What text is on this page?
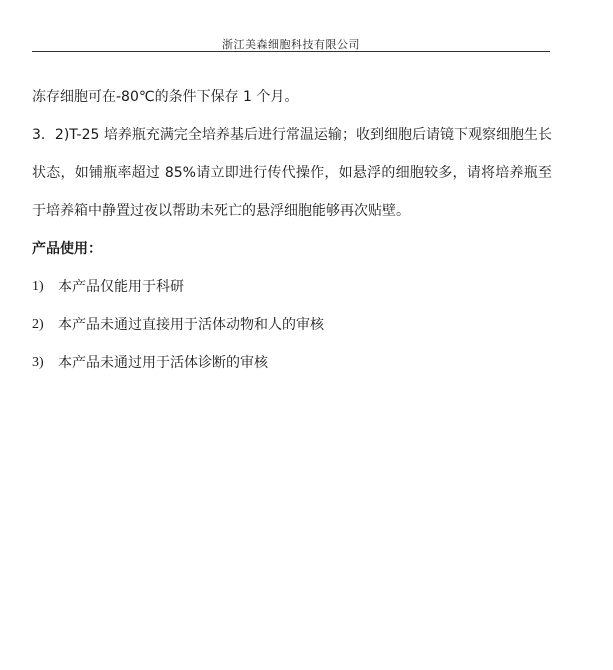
浙江美森细胞科技有限公司

冻存细胞可在-80℃的条件下保存 1 个月。

3．2)T-25 培养瓶充满完全培养基后进行常温运输；收到细胞后请镜下观察细胞生长状态，如铺瓶率超过 85%请立即进行传代操作，如悬浮的细胞较多，请将培养瓶至于培养箱中静置过夜以帮助未死亡的悬浮细胞能够再次贴壁。

产品使用：

1)	本产品仅能用于科研
2)	本产品未通过直接用于活体动物和人的审核
3)	本产品未通过用于活体诊断的审核
